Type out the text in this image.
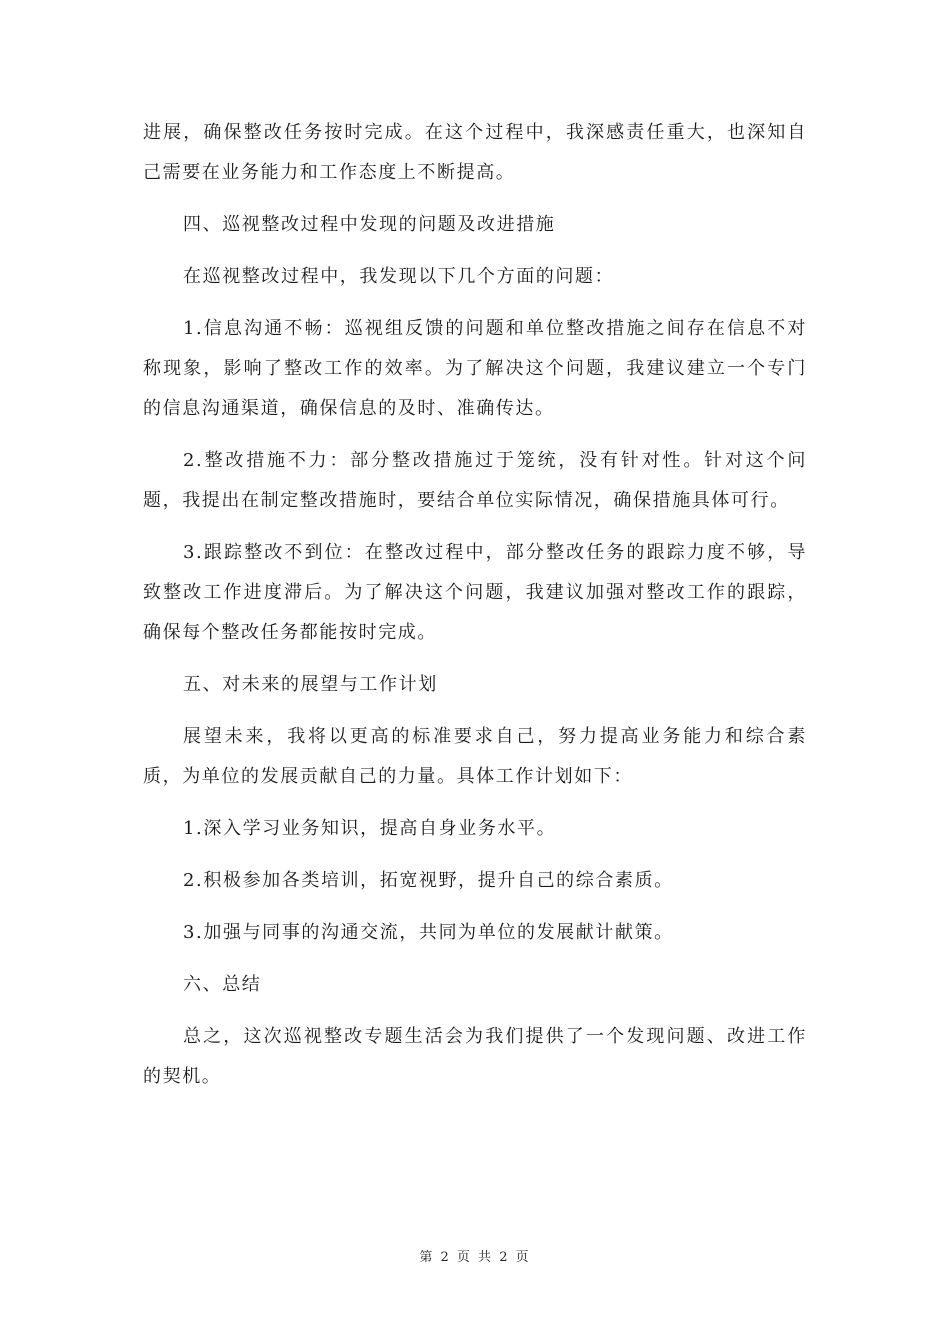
进展，确保整改任务按时完成。在这个过程中，我深感责任重大，也深知自己需要在业务能力和工作态度上不断提高。

四、巡视整改过程中发现的问题及改进措施

在巡视整改过程中，我发现以下几个方面的问题：

1.信息沟通不畅：巡视组反馈的问题和单位整改措施之间存在信息不对称现象，影响了整改工作的效率。为了解决这个问题，我建议建立一个专门的信息沟通渠道，确保信息的及时、准确传达。

2.整改措施不力：部分整改措施过于笼统，没有针对性。针对这个问题，我提出在制定整改措施时，要结合单位实际情况，确保措施具体可行。

3.跟踪整改不到位：在整改过程中，部分整改任务的跟踪力度不够，导致整改工作进度滞后。为了解决这个问题，我建议加强对整改工作的跟踪，确保每个整改任务都能按时完成。

五、对未来的展望与工作计划

展望未来，我将以更高的标准要求自己，努力提高业务能力和综合素质，为单位的发展贡献自己的力量。具体工作计划如下：

1.深入学习业务知识，提高自身业务水平。

2.积极参加各类培训，拓宽视野，提升自己的综合素质。

3.加强与同事的沟通交流，共同为单位的发展献计献策。

六、总结

总之，这次巡视整改专题生活会为我们提供了一个发现问题、改进工作的契机。

第 2 页 共 2 页
